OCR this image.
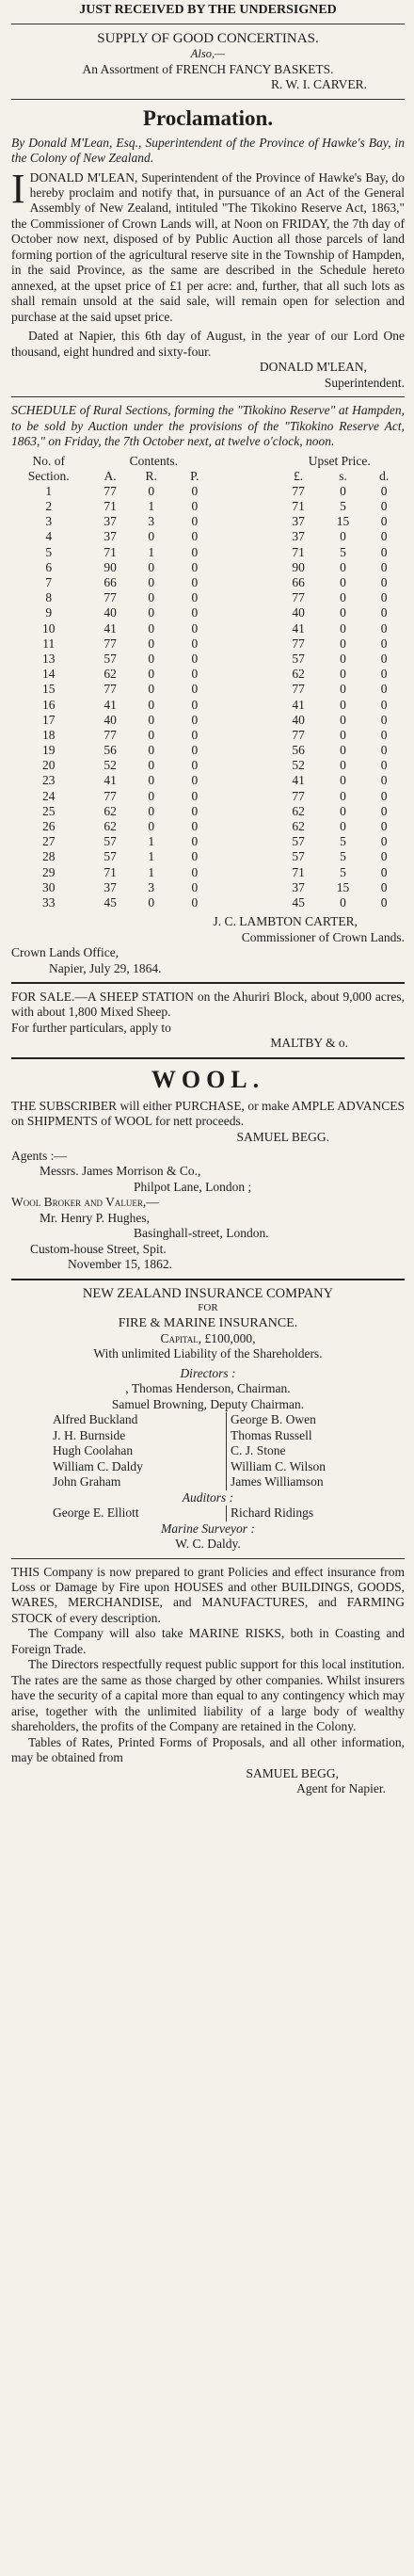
JUST RECEIVED BY THE UNDERSIGNED
SUPPLY OF GOOD CONCERTINAS.
Also,—
An Assortment of FRENCH FANCY BASKETS.
R. W. I. CARVER.
Proclamation.

By Donald M'Lean, Esq., Superintendent of the Province of Hawke's Bay, in the Colony of New Zealand.

I DONALD M'LEAN, Superintendent of the Province of Hawke's Bay, do hereby proclaim and notify that, in pursuance of an Act of the General Assembly of New Zealand, intituled "The Tikokino Reserve Act, 1863," the Commissioner of Crown Lands will, at Noon on FRIDAY, the 7th day of October now next, disposed of by Public Auction all those parcels of land forming portion of the agricultural reserve site in the Township of Hampden, in the said Province, as the same are described in the Schedule hereto annexed, at the upset price of £1 per acre: and, further, that all such lots as shall remain unsold at the said sale, will remain open for selection and purchase at the said upset price.

Dated at Napier, this 6th day of August, in the year of our Lord One thousand, eight hundred and sixty-four.

DONALD M'LEAN,

Superintendent.

SCHEDULE of Rural Sections, forming the "Tikokino Reserve" at Hampden, to be sold by Auction under the provisions of the "Tikokino Reserve Act, 1863," on Friday, the 7th October next, at twelve o'clock, noon.

No. of	Contents.				Upset Price.		
Section.	A.	R.	P.		£.	s.	d.
1	77	0	0		77	0	0
2	71	1	0		71	5	0
3	37	3	0		37	15	0
4	37	0	0		37	0	0
5	71	1	0		71	5	0
6	90	0	0		90	0	0
7	66	0	0		66	0	0
8	77	0	0		77	0	0
9	40	0	0		40	0	0
10	41	0	0		41	0	0
11	77	0	0		77	0	0
13	57	0	0		57	0	0
14	62	0	0		62	0	0
15	77	0	0		77	0	0
16	41	0	0		41	0	0
17	40	0	0		40	0	0
18	77	0	0		77	0	0
19	56	0	0		56	0	0
20	52	0	0		52	0	0
23	41	0	0		41	0	0
24	77	0	0		77	0	0
25	62	0	0		62	0	0
26	62	0	0		62	0	0
27	57	1	0		57	5	0
28	57	1	0		57	5	0
29	71	1	0		71	5	0
30	37	3	0		37	15	0
33	45	0	0		45	0	0

J. C. LAMBTON CARTER,

Commissioner of Crown Lands.

Crown Lands Office,

Napier, July 29, 1864.

FOR SALE.—A SHEEP STATION on the Ahuriri Block, about 9,000 acres, with about 1,800 Mixed Sheep.

For further particulars, apply to

MALTBY & o.

WOOL.

THE SUBSCRIBER will either PURCHASE, or make AMPLE ADVANCES on SHIPMENTS of WOOL for nett proceeds.

SAMUEL BEGG.

Agents :—

Messrs. James Morrison & Co.,

Philpot Lane, London ;

Wool Broker and Valuer,—

Mr. Henry P. Hughes,

Basinghall-street, London.

Custom-house Street, Spit.

November 15, 1862.

NEW ZEALAND INSURANCE COMPANY
FOR
FIRE & MARINE INSURANCE.
Capital, £100,000,
With unlimited Liability of the Shareholders.
Directors :
, Thomas Henderson, Chairman.
Samuel Browning, Deputy Chairman.
Alfred Buckland	George B. Owen
J. H. Burnside	Thomas Russell
Hugh Coolahan	C. J. Stone
William C. Daldy	William C. Wilson
John Graham	James Williamson
Auditors :
George E. Elliott	Richard Ridings
Marine Surveyor :
W. C. Daldy.

THIS Company is now prepared to grant Policies and effect insurance from Loss or Damage by Fire upon HOUSES and other BUILDINGS, GOODS, WARES, MERCHANDISE, and MANUFACTURES, and FARMING STOCK of every description.

The Company will also take MARINE RISKS, both in Coasting and Foreign Trade.

The Directors respectfully request public support for this local institution. The rates are the same as those charged by other companies. Whilst insurers have the security of a capital more than equal to any contingency which may arise, together with the unlimited liability of a large body of wealthy shareholders, the profits of the Company are retained in the Colony.

Tables of Rates, Printed Forms of Proposals, and all other information, may be obtained from

SAMUEL BEGG,

Agent for Napier.
